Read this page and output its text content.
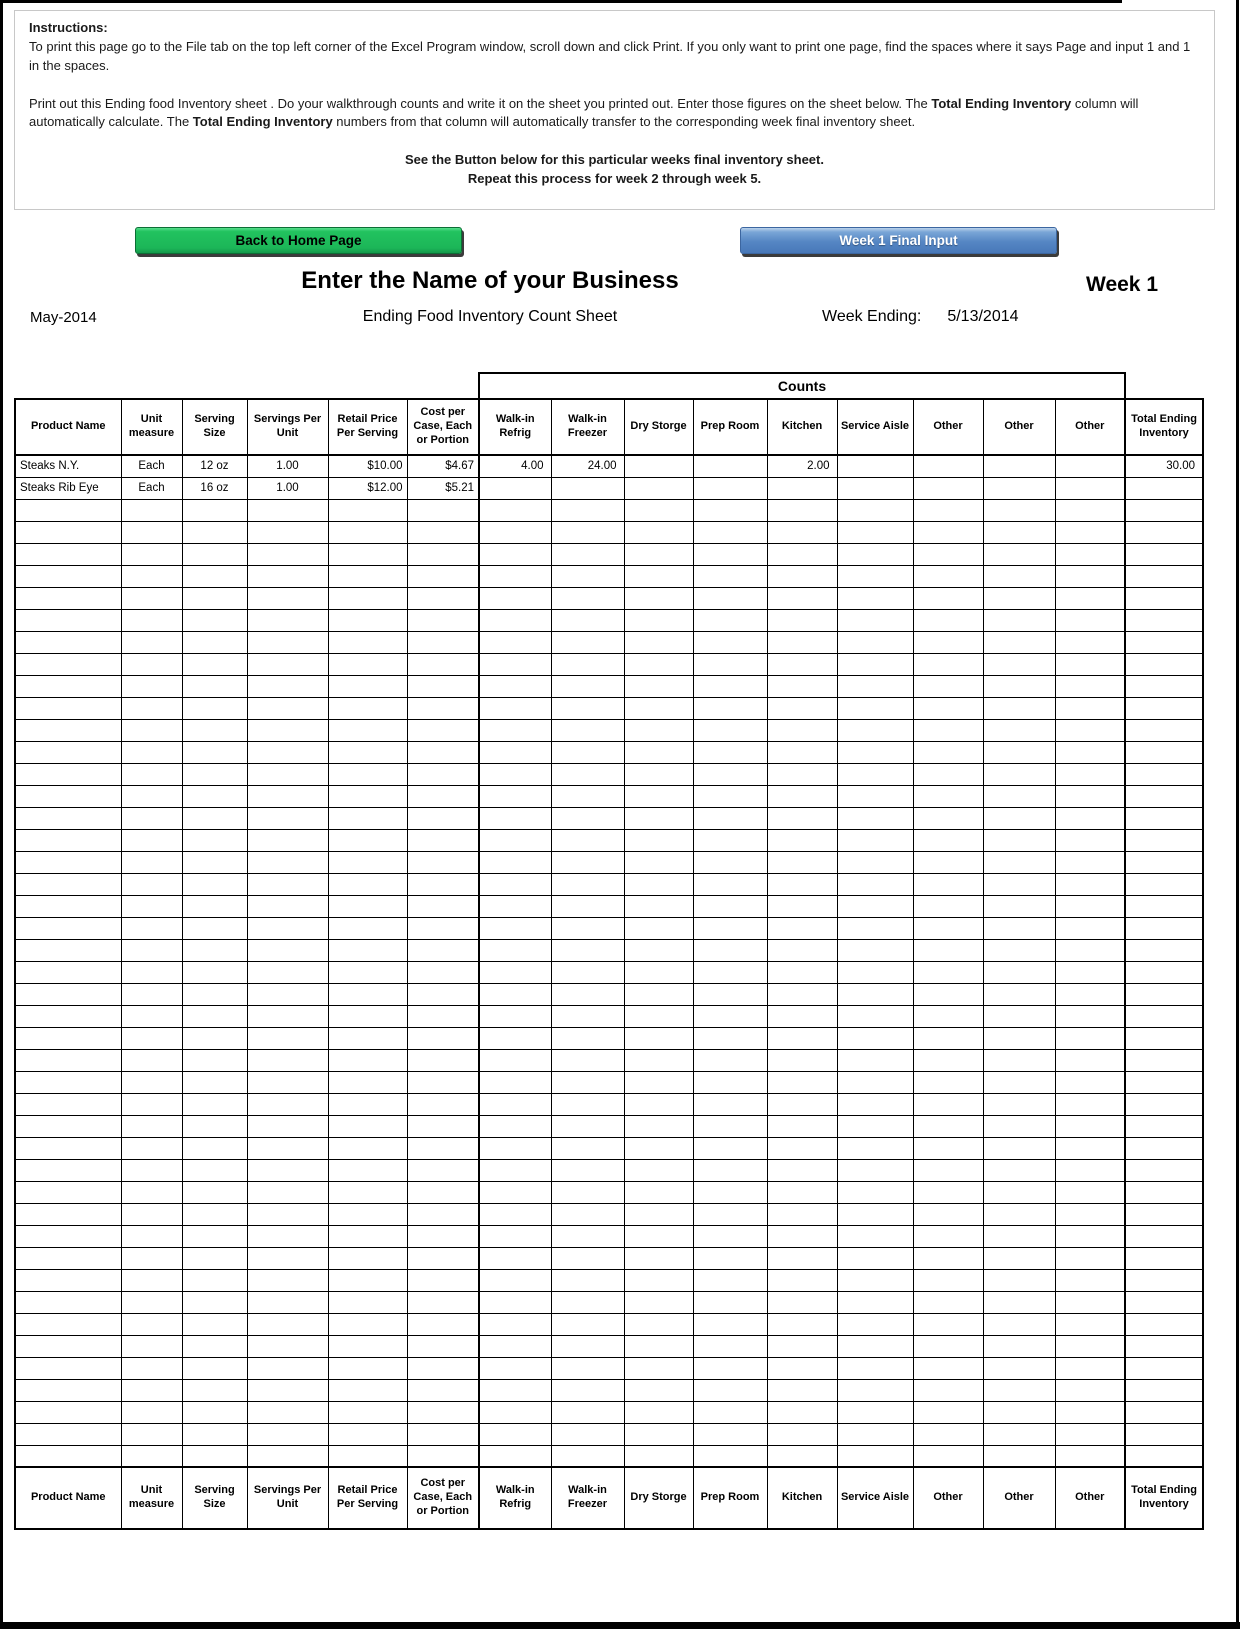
Instructions:

To print this page go to the File tab on the top left corner of the Excel Program window, scroll down and click Print. If you only want to print one page, find the spaces where it says Page and input 1 and 1 in the spaces.

Print out this Ending food Inventory sheet . Do your walkthrough counts and write it on the sheet you printed out. Enter those figures on the sheet below. The Total Ending Inventory column will automatically calculate. The Total Ending Inventory numbers from that column will automatically transfer to the corresponding week final inventory sheet.

See the Button below for this particular weeks final inventory sheet.
Repeat this process for week 2 through week 5.
Back to Home Page	Week 1 Final Input
Enter the Name of your Business	Week 1
May-2014	Ending Food Inventory Count Sheet	Week Ending: 5/13/2014
						Counts									
Product Name	Unit measure	Serving Size	Servings Per Unit	Retail Price Per Serving	Cost per Case, Each or Portion	Walk-in Refrig	Walk-in Freezer	Dry Storge	Prep Room	Kitchen	Service Aisle	Other	Other	Other	Total Ending Inventory
Steaks N.Y.	Each	12 oz	1.00	$10.00	$4.67	4.00	24.00			2.00					30.00
Steaks Rib Eye	Each	16 oz	1.00	$12.00	$5.21										

Product Name	Unit measure	Serving Size	Servings Per Unit	Retail Price Per Serving	Cost per Case, Each or Portion	Walk-in Refrig	Walk-in Freezer	Dry Storge	Prep Room	Kitchen	Service Aisle	Other	Other	Other	Total Ending Inventory
